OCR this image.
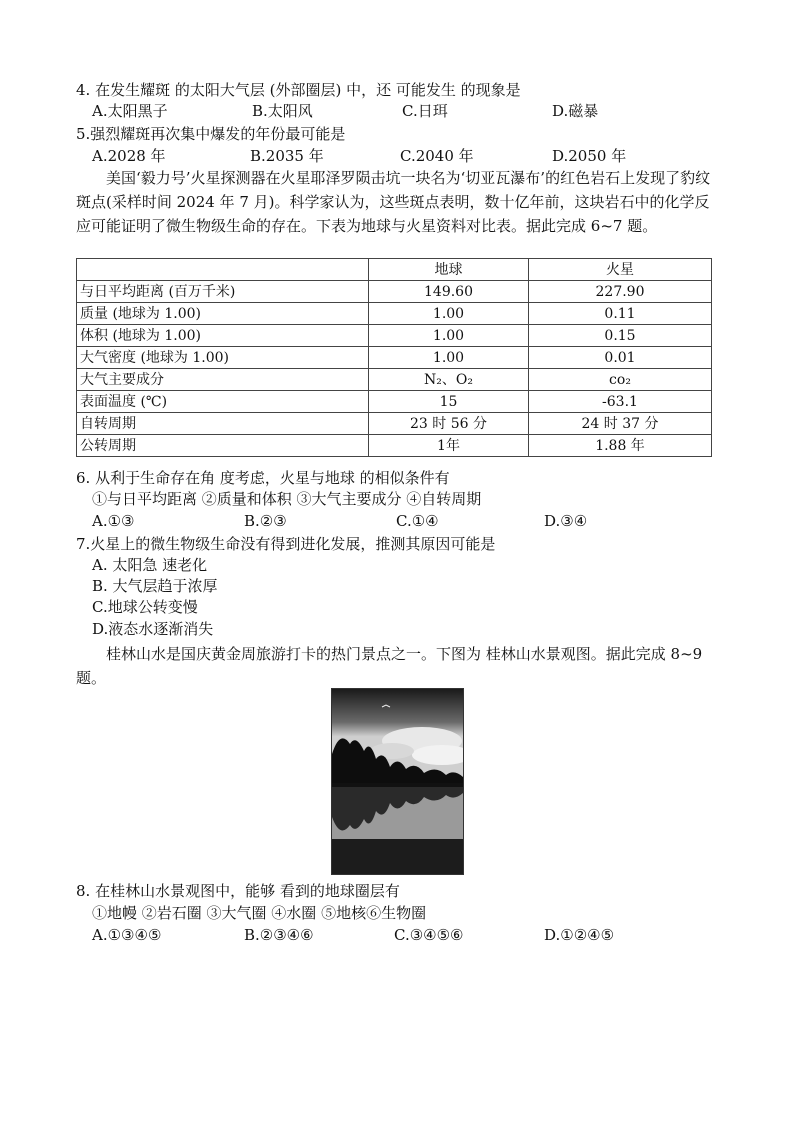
4. 在发生耀斑 的太阳大气层 (外部圈层) 中，还 可能发生 的现象是
A.太阳黑子	B.太阳风	C.日珥	D.磁暴
5.强烈耀斑再次集中爆发的年份最可能是
A.2028 年	B.2035 年	C.2040 年	D.2050 年
美国‘毅力号’火星探测器在火星耶泽罗陨击坑一块名为‘切亚瓦瀑布’的红色岩石上发现了豹纹斑点(采样时间 2024 年 7 月)。科学家认为，这些斑点表明，数十亿年前，这块岩石中的化学反应可能证明了微生物级生命的存在。下表为地球与火星资料对比表。据此完成 6~7 题。
	地球	火星
与日平均距离 (百万千米)	149.60	227.90
质量 (地球为 1.00)	1.00	0.11
体积 (地球为 1.00)	1.00	0.15
大气密度 (地球为 1.00)	1.00	0.01
大气主要成分	N₂、O₂	co₂
表面温度 (℃)	15	-63.1
自转周期	23 时 56 分	24 时 37 分
公转周期	1年	1.88 年
6. 从利于生命存在角 度考虑，火星与地球 的相似条件有
①与日平均距离 ②质量和体积 ③大气主要成分 ④自转周期
A.①③	B.②③	C.①④	D.③④
7.火星上的微生物级生命没有得到进化发展，推测其原因可能是
A. 太阳急 速老化
B. 大气层趋于浓厚
C.地球公转变慢
D.液态水逐渐消失
桂林山水是国庆黄金周旅游打卡的热门景点之一。下图为 桂林山水景观图。据此完成 8~9 题。
8. 在桂林山水景观图中，能够 看到的地球圈层有
①地幔 ②岩石圈 ③大气圈 ④水圈 ⑤地核⑥生物圈
A.①③④⑤	B.②③④⑥	C.③④⑤⑥	D.①②④⑤
